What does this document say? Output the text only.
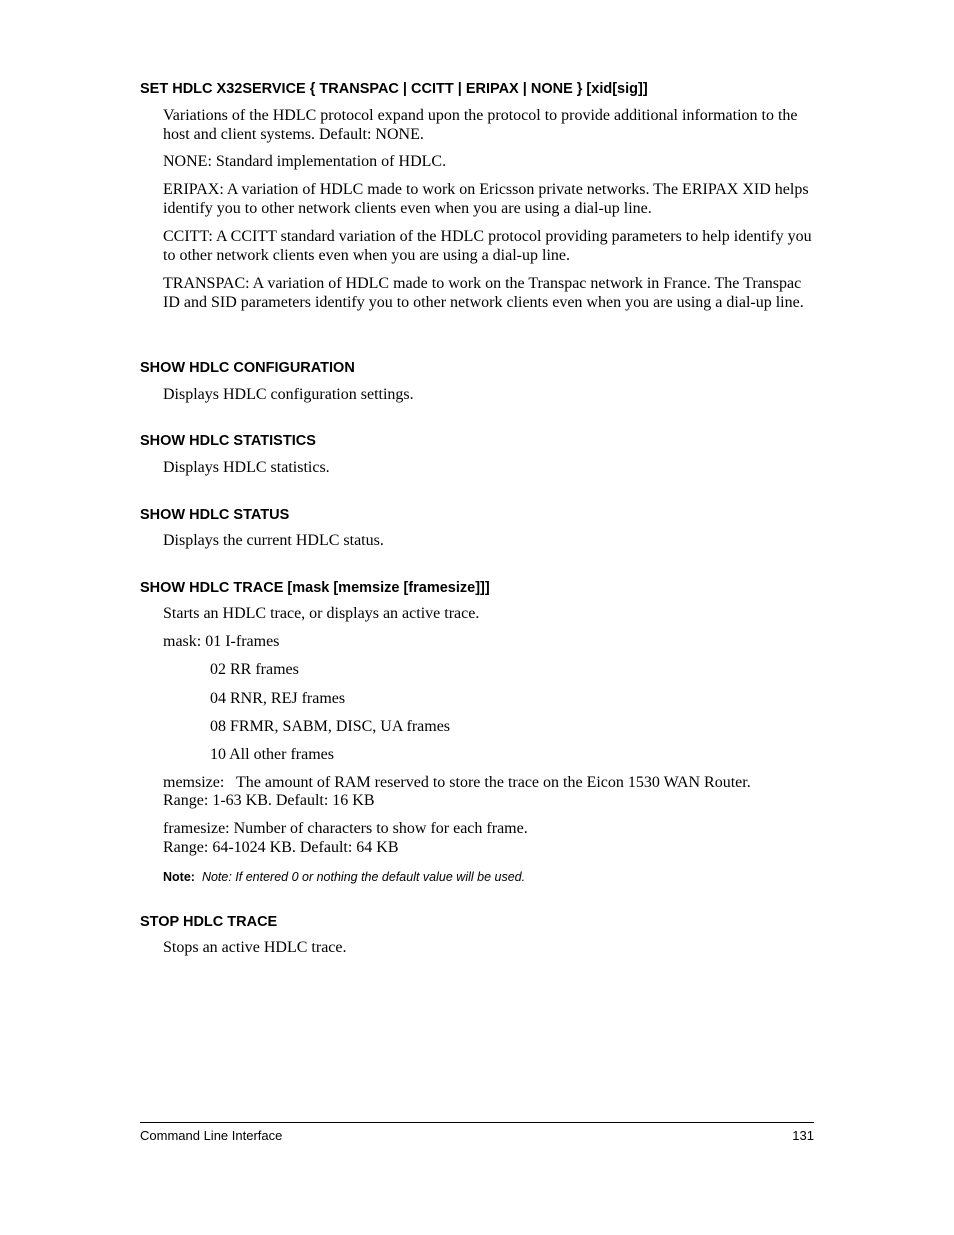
SET HDLC X32SERVICE { TRANSPAC | CCITT | ERIPAX | NONE } [xid[sig]]
Variations of the HDLC protocol expand upon the protocol to provide additional information to the host and client systems. Default: NONE.
NONE: Standard implementation of HDLC.
ERIPAX: A variation of HDLC made to work on Ericsson private networks. The ERIPAX XID helps identify you to other network clients even when you are using a dial-up line.
CCITT: A CCITT standard variation of the HDLC protocol providing parameters to help identify you to other network clients even when you are using a dial-up line.
TRANSPAC: A variation of HDLC made to work on the Transpac network in France. The Transpac ID and SID parameters identify you to other network clients even when you are using a dial-up line.
SHOW HDLC CONFIGURATION
Displays HDLC configuration settings.
SHOW HDLC STATISTICS
Displays HDLC statistics.
SHOW HDLC STATUS
Displays the current HDLC status.
SHOW HDLC TRACE [mask [memsize [framesize]]]
Starts an HDLC trace, or displays an active trace.
mask: 01 I-frames
02 RR frames
04 RNR, REJ frames
08 FRMR, SABM, DISC, UA frames
10 All other frames
memsize:   The amount of RAM reserved to store the trace on the Eicon 1530 WAN Router.
Range: 1-63 KB. Default: 16 KB
framesize: Number of characters to show for each frame.
Range: 64-1024 KB. Default: 64 KB
Note: Note: If entered 0 or nothing the default value will be used.
STOP HDLC TRACE
Stops an active HDLC trace.
Command Line Interface	131
